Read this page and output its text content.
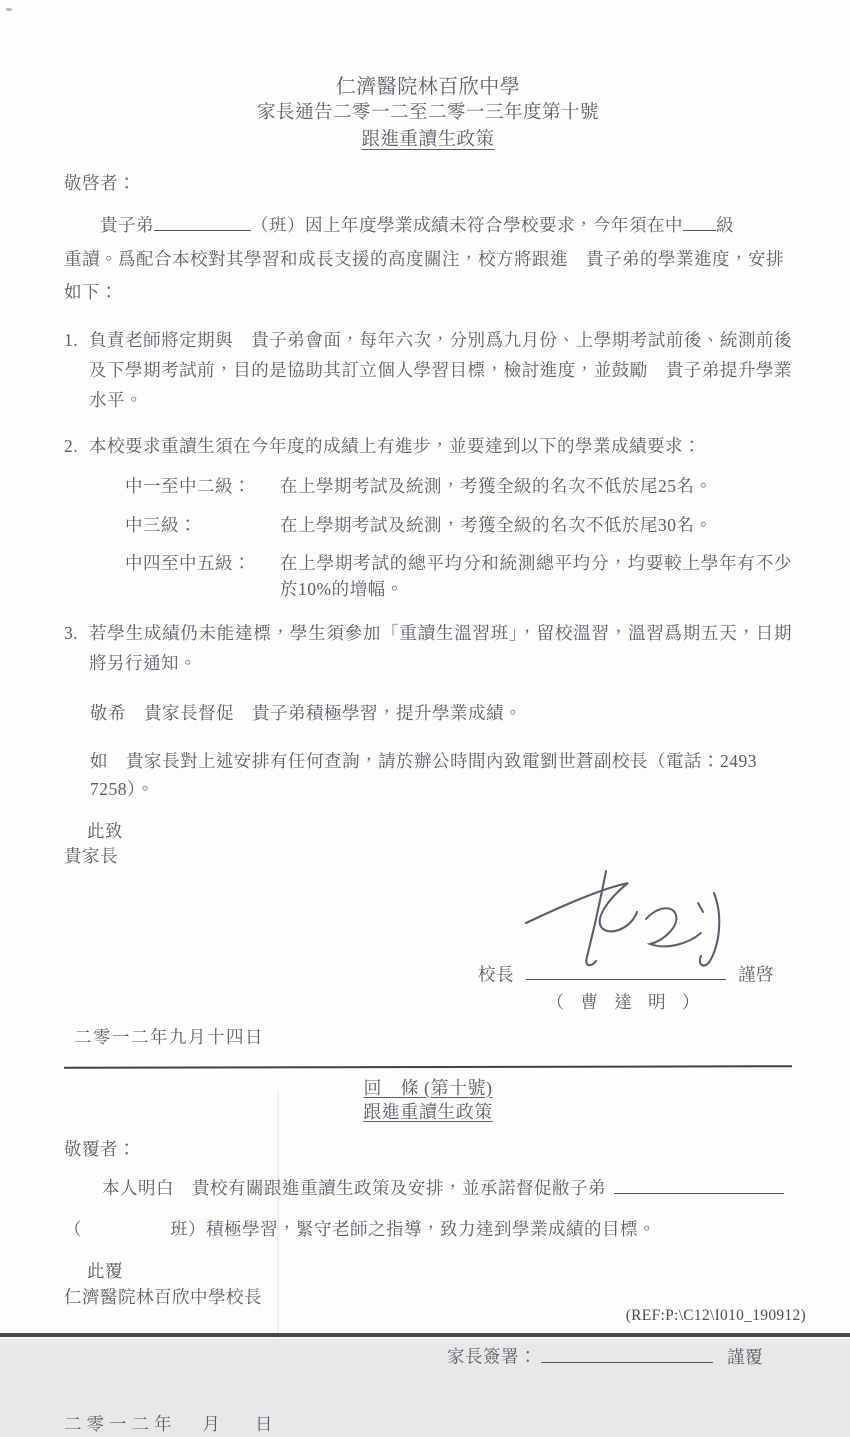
仁濟醫院林百欣中學
家長通告二零一二至二零一三年度第十號
跟進重讀生政策
敬啓者：
貴子弟	（班）因上年度學業成績未符合學校要求，今年須在中 級
重讀。爲配合本校對其學習和成長支援的高度關注，校方將跟進　貴子弟的學業進度，安排如下：
1. 負責老師將定期與　貴子弟會面，每年六次，分別爲九月份、上學期考試前後、統測前後及下學期考試前，目的是協助其訂立個人學習目標，檢討進度，並鼓勵　貴子弟提升學業水平。
2. 本校要求重讀生須在今年度的成績上有進步，並要達到以下的學業成績要求：
中一至中二級：	在上學期考試及統測，考獲全級的名次不低於尾25名。
中三級：	在上學期考試及統測，考獲全級的名次不低於尾30名。
中四至中五級：	在上學期考試的總平均分和統測總平均分，均要較上學年有不少於10%的增幅。
3. 若學生成績仍未能達標，學生須參加「重讀生溫習班」，留校溫習，溫習爲期五天，日期將另行通知。
敬希　貴家長督促　貴子弟積極學習，提升學業成績。
如　貴家長對上述安排有任何查詢，請於辦公時間內致電劉世蒼副校長（電話：2493 7258）。
此致
貴家長
校長	謹啓
（ 曹 達 明 ）
二零一二年九月十四日
回　條 (第十號)
跟進重讀生政策
敬覆者：
本人明白　貴校有關跟進重讀生政策及安排，並承諾督促敝子弟
（	班）積極學習，緊守老師之指導，致力達到學業成績的目標。
此覆
仁濟醫院林百欣中學校長
家長簽署：	謹覆
二零一二年 月 日
(REF:P:\C12\I010_190912)
